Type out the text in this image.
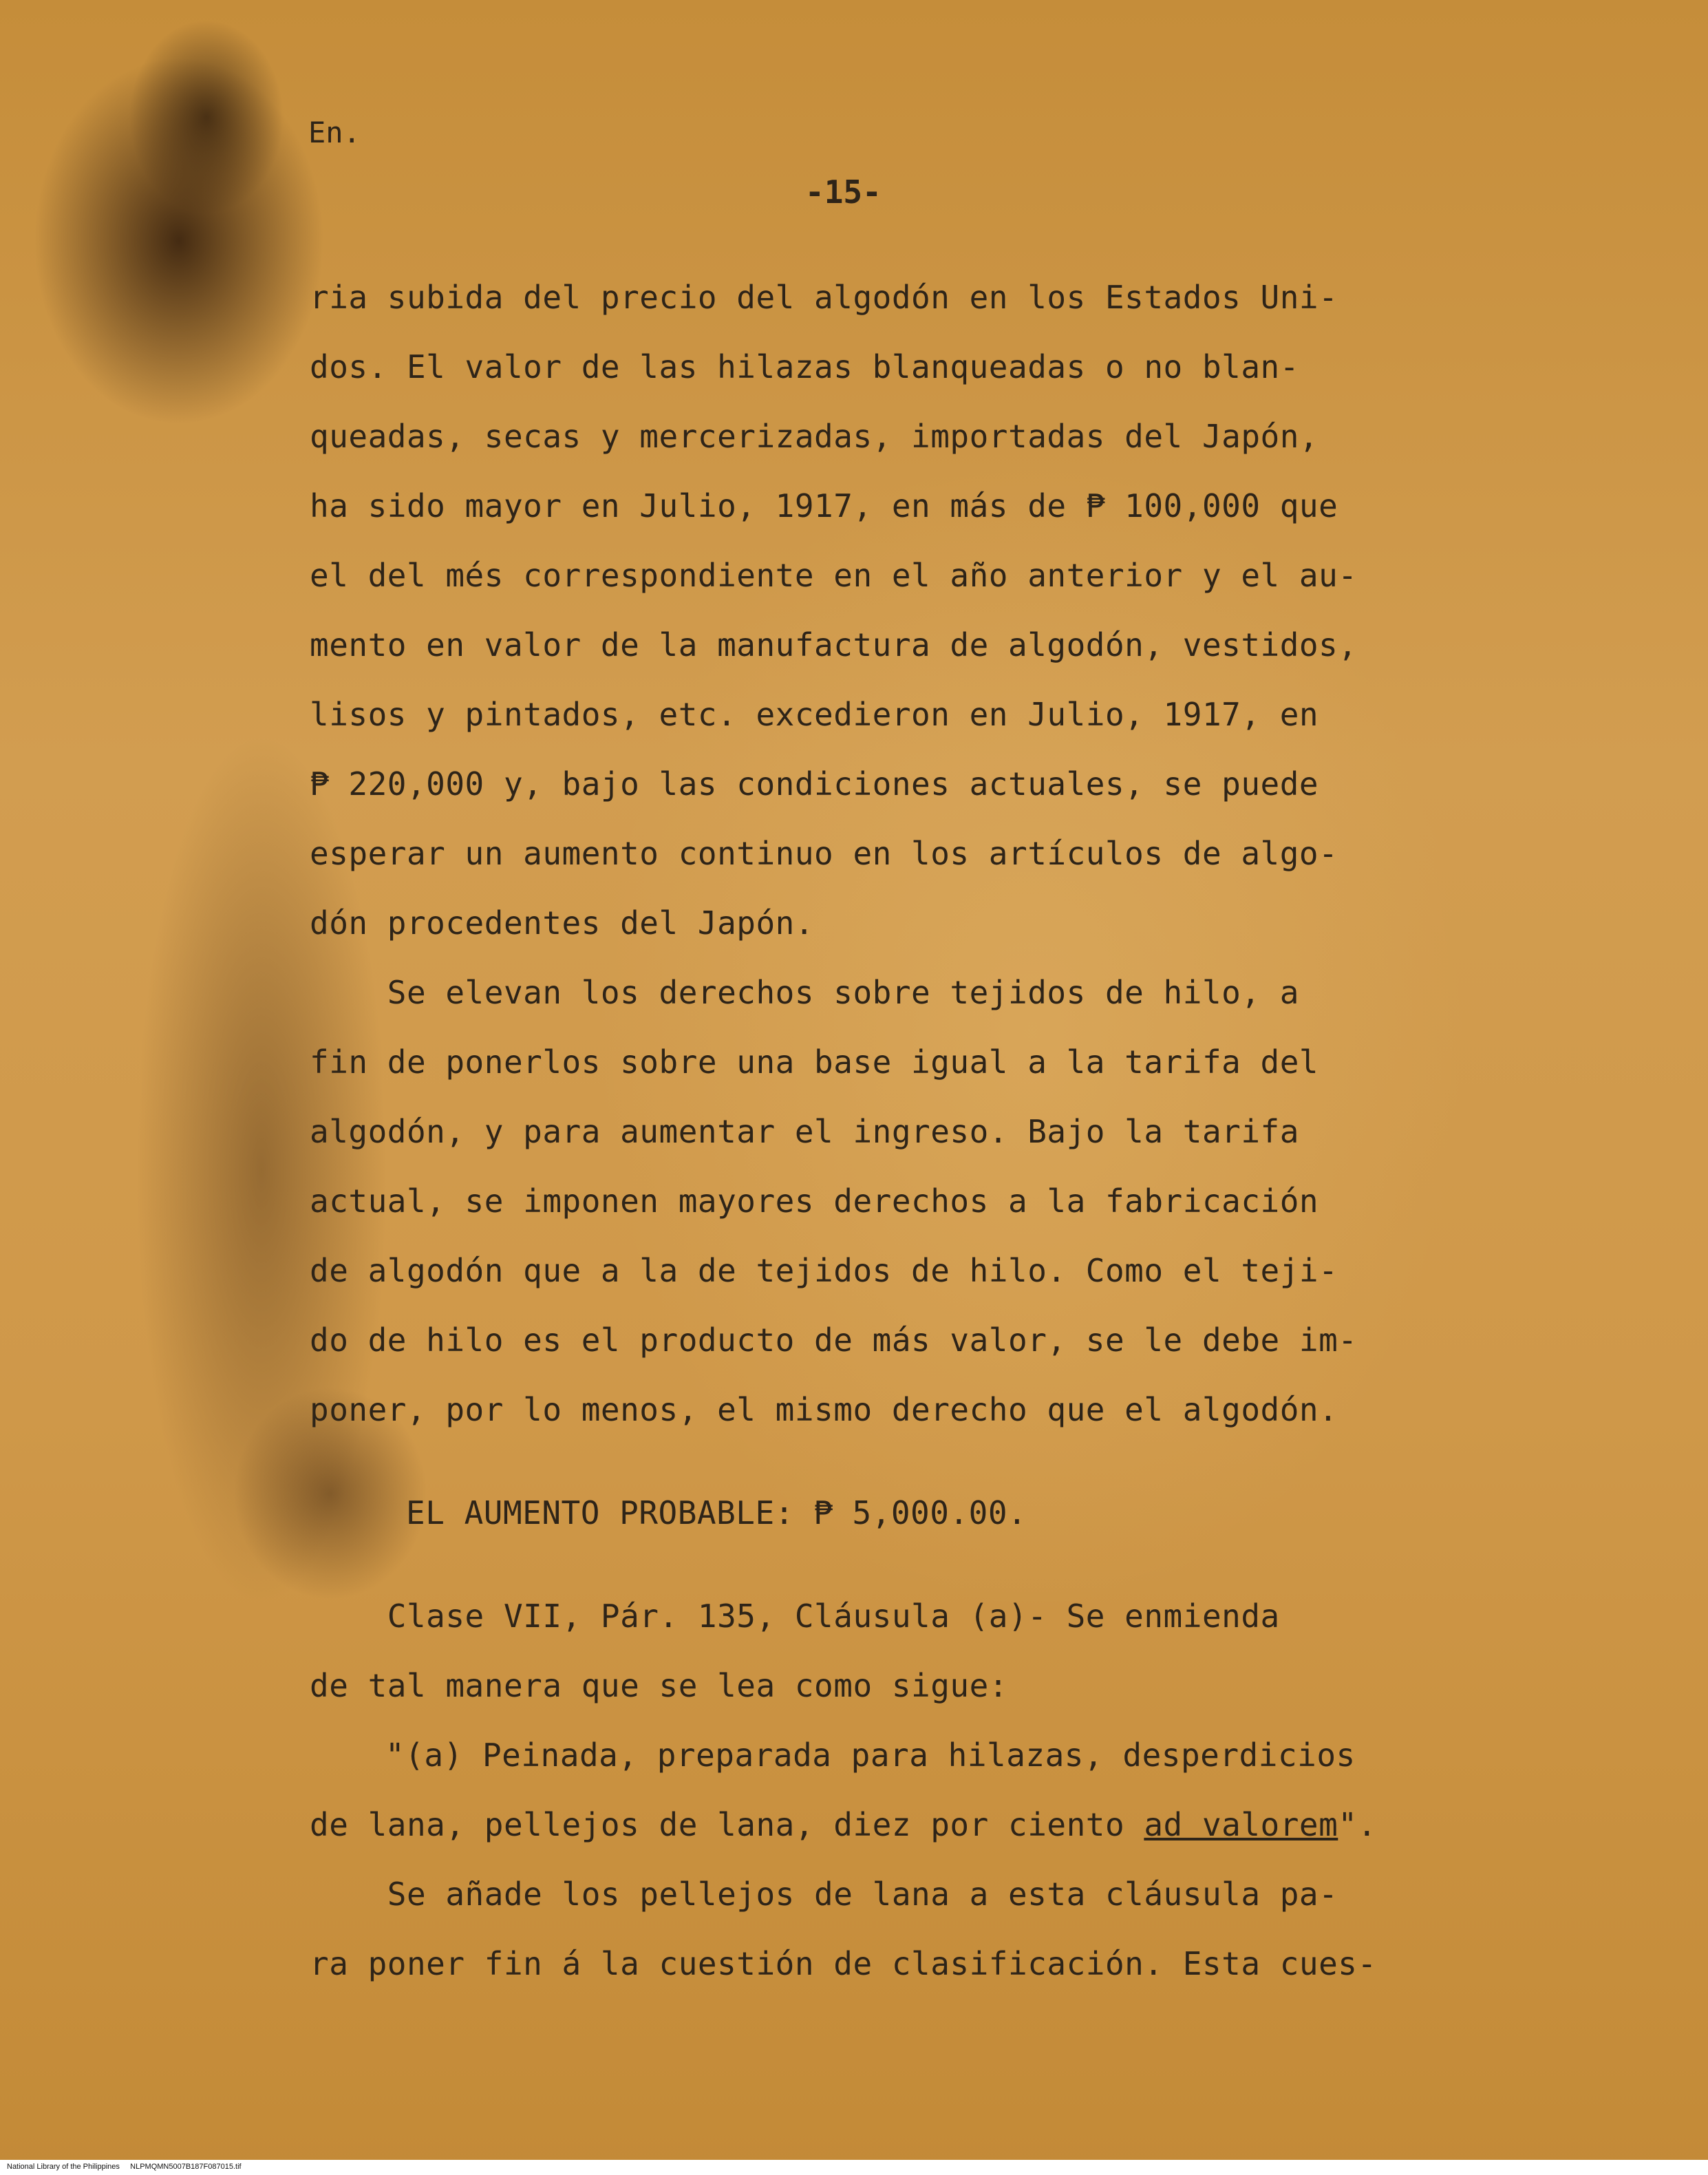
En.
-15-
ria subida del precio del algodón en los Estados Uni-
dos. El valor de las hilazas blanqueadas o no blan-
queadas, secas y mercerizadas, importadas del Japón,
ha sido mayor en Julio, 1917, en más de ₱ 100,000 que
el del més correspondiente en el año anterior y el au-
mento en valor de la manufactura de algodón, vestidos,
lisos y pintados, etc. excedieron en Julio, 1917, en
₱ 220,000 y, bajo las condiciones actuales, se puede
esperar un aumento continuo en los artículos de algo-
dón procedentes del Japón.
Se elevan los derechos sobre tejidos de hilo, a
fin de ponerlos sobre una base igual a la tarifa del
algodón, y para aumentar el ingreso. Bajo la tarifa
actual, se imponen mayores derechos a la fabricación
de algodón que a la de tejidos de hilo. Como el teji-
do de hilo es el producto de más valor, se le debe im-
poner, por lo menos, el mismo derecho que el algodón.
EL AUMENTO PROBABLE: ₱ 5,000.00.
Clase VII, Pár. 135, Cláusula (a)- Se enmienda
de tal manera que se lea como sigue:
"(a) Peinada, preparada para hilazas, desperdicios
de lana, pellejos de lana, diez por ciento ad valorem".
Se añade los pellejos de lana a esta cláusula pa-
ra poner fin á la cuestión de clasificación. Esta cues-
National Library of the Philippines     NLPMQMN5007B187F087015.tif
